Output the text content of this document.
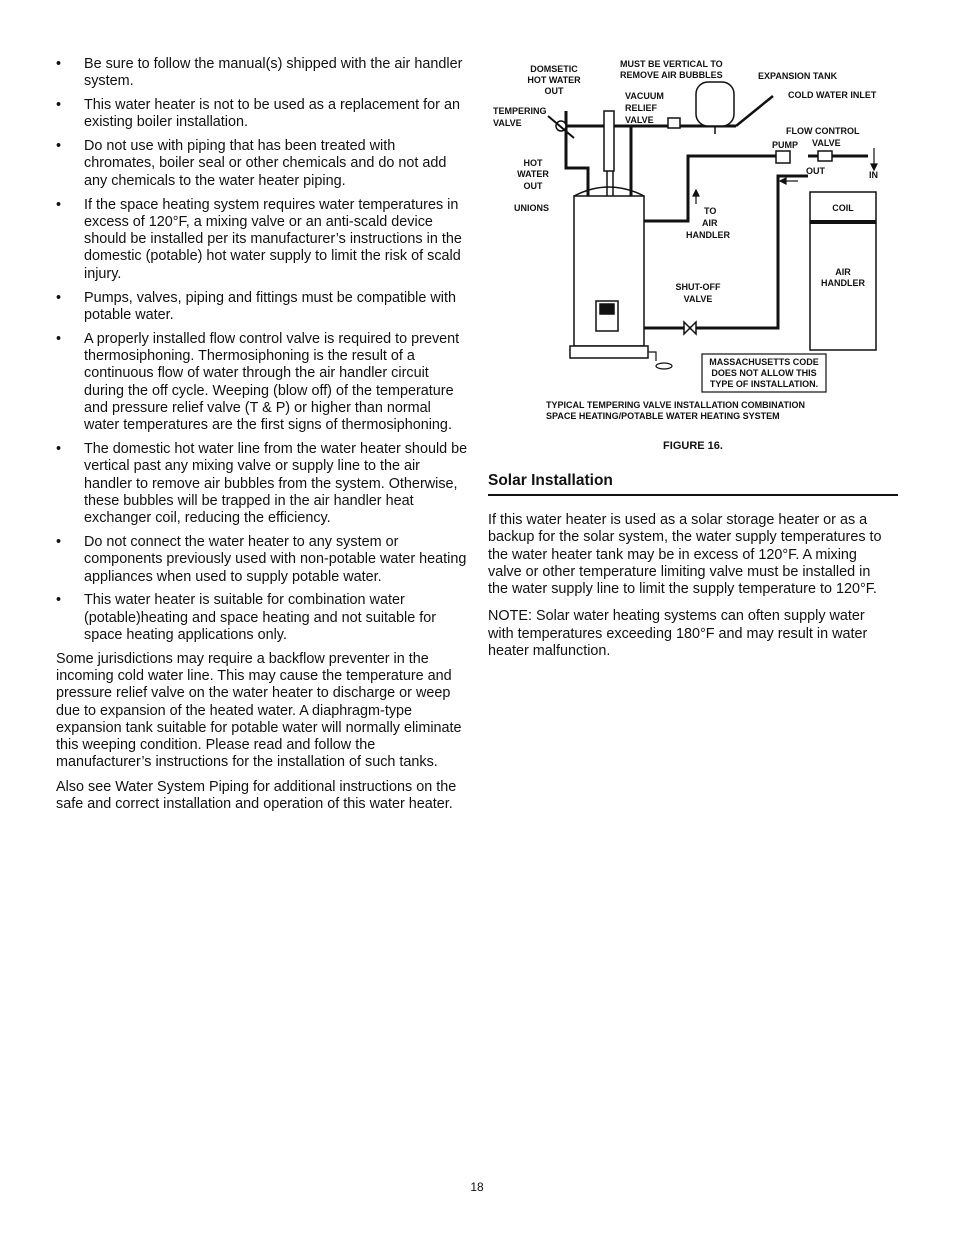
• Be sure to follow the manual(s) shipped with the air handler system.
• This water heater is not to be used as a replacement for an existing boiler installation.
• Do not use with piping that has been treated with chromates, boiler seal or other chemicals and do not add any chemicals to the water heater piping.
• If the space heating system requires water temperatures in excess of 120°F, a mixing valve or an anti-scald device should be installed per its manufacturer’s instructions in the domestic (potable) hot water supply to limit the risk of scald injury.
• Pumps, valves, piping and fittings must be compatible with potable water.
• A properly installed flow control valve is required to prevent thermosiphoning. Thermosiphoning is the result of a continuous flow of water through the air handler circuit during the off cycle. Weeping (blow off) of the temperature and pressure relief valve (T & P) or higher than normal water temperatures are the first signs of thermosiphoning.
• The domestic hot water line from the water heater should be vertical past any mixing valve or supply line to the air handler to remove air bubbles from the system. Otherwise, these bubbles will be trapped in the air handler heat exchanger coil, reducing the efficiency.
• Do not connect the water heater to any system or components previously used with non-potable water heating appliances when used to supply potable water.
• This water heater is suitable for combination water (potable)heating and space heating and not suitable for space heating applications only.

Some jurisdictions may require a backflow preventer in the incoming cold water line. This may cause the temperature and pressure relief valve on the water heater to discharge or weep due to expansion of the heated water. A diaphragm-type expansion tank suitable for potable water will normally eliminate this weeping condition. Please read and follow the manufacturer’s instructions for the installation of such tanks.

Also see Water System Piping for additional instructions on the safe and correct installation and operation of this water heater.

DOMSETIC
HOT WATER
OUT
MUST BE VERTICAL TO
REMOVE AIR BUBBLES	EXPANSION TANK
COLD WATER INLET
TEMPERING
VALVE
VACUUM
RELIEF
VALVE
FLOW CONTROL
VALVE
PUMP
HOT
WATER
OUT
OUT	IN
COIL
UNIONS	TO
AIR
HANDLER
AIR
HANDLER
SHUT-OFF
VALVE
MASSACHUSETTS CODE
DOES NOT ALLOW THIS
TYPE OF INSTALLATION.
TYPICAL TEMPERING VALVE INSTALLATION COMBINATION
SPACE HEATING/POTABLE WATER HEATING SYSTEM
FIGURE 16.
Solar Installation

If this water heater is used as a solar storage heater or as a backup for the solar system, the water supply temperatures to the water heater tank may be in excess of 120°F. A mixing valve or other temperature limiting valve must be installed in the water supply line to limit the supply temperature to 120°F.

NOTE: Solar water heating systems can often supply water with temperatures exceeding 180°F and may result in water heater malfunction.

18
